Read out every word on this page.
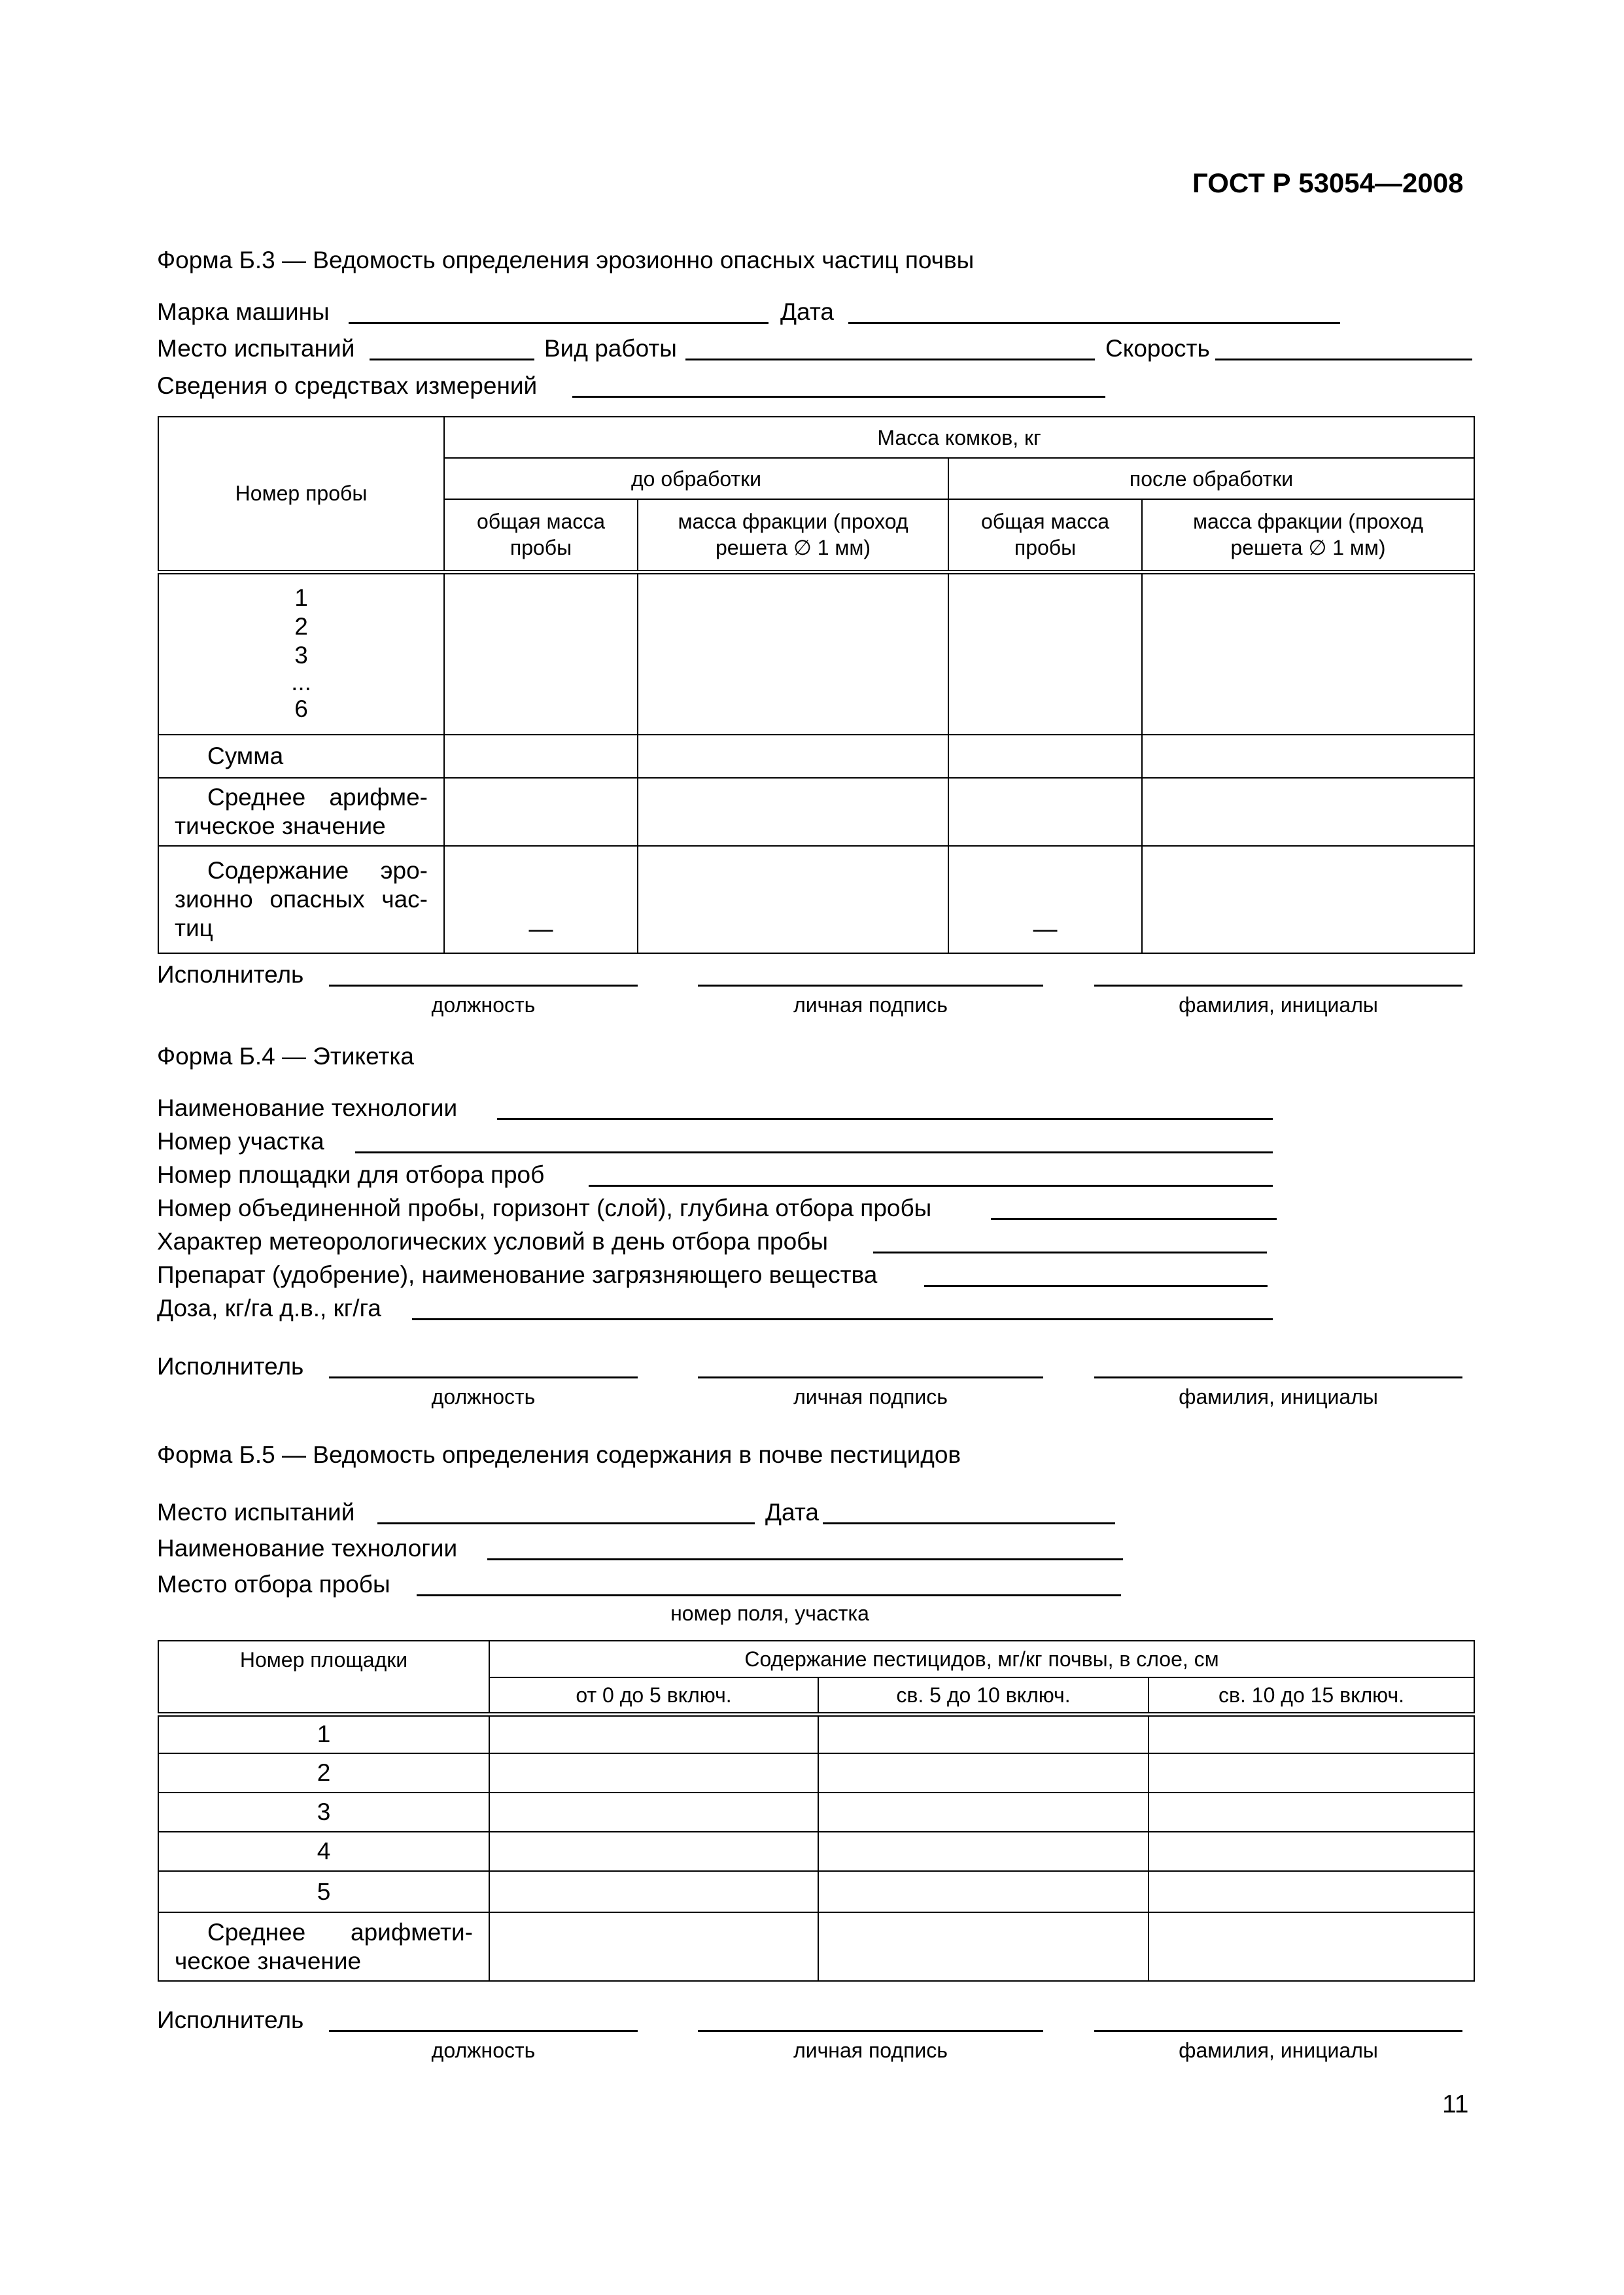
ГОСТ Р 53054—2008
Форма Б.3 — Ведомость определения эрозионно опасных частиц почвы
Марка машины	Дата
Место испытаний	Вид работы	Скорость
Сведения о средствах измерений
Номер пробы	Масса комков, кг			
	до обработки		после обработки	
	общая масса пробы	масса фракции (проход решета ∅ 1 мм)	общая масса пробы	масса фракции (проход решета ∅ 1 мм)

1
2
3
...
6				

Сумма				
Среднее арифме-тическое значение				
Содержание эро-зионно опасных час-тиц	—		—	
Исполнитель
должность	личная подпись	фамилия, инициалы
Форма Б.4 — Этикетка
Наименование технологии
Номер участка
Номер площадки для отбора проб
Номер объединенной пробы, горизонт (слой), глубина отбора пробы
Характер метеорологических условий в день отбора пробы
Препарат (удобрение), наименование загрязняющего вещества
Доза, кг/га д.в., кг/га
Исполнитель
должность	личная подпись	фамилия, инициалы
Форма Б.5 — Ведомость определения содержания в почве пестицидов
Место испытаний	Дата
Наименование технологии
Место отбора пробы
номер поля, участка
Номер площадки	Содержание пестицидов, мг/кг почвы, в слое, см		
	от 0 до 5 включ.	св. 5 до 10 включ.	св. 10 до 15 включ.
1			
2			
3			
4			
5			
Среднее арифмети-ческое значение			
Исполнитель
должность	личная подпись	фамилия, инициалы
11
